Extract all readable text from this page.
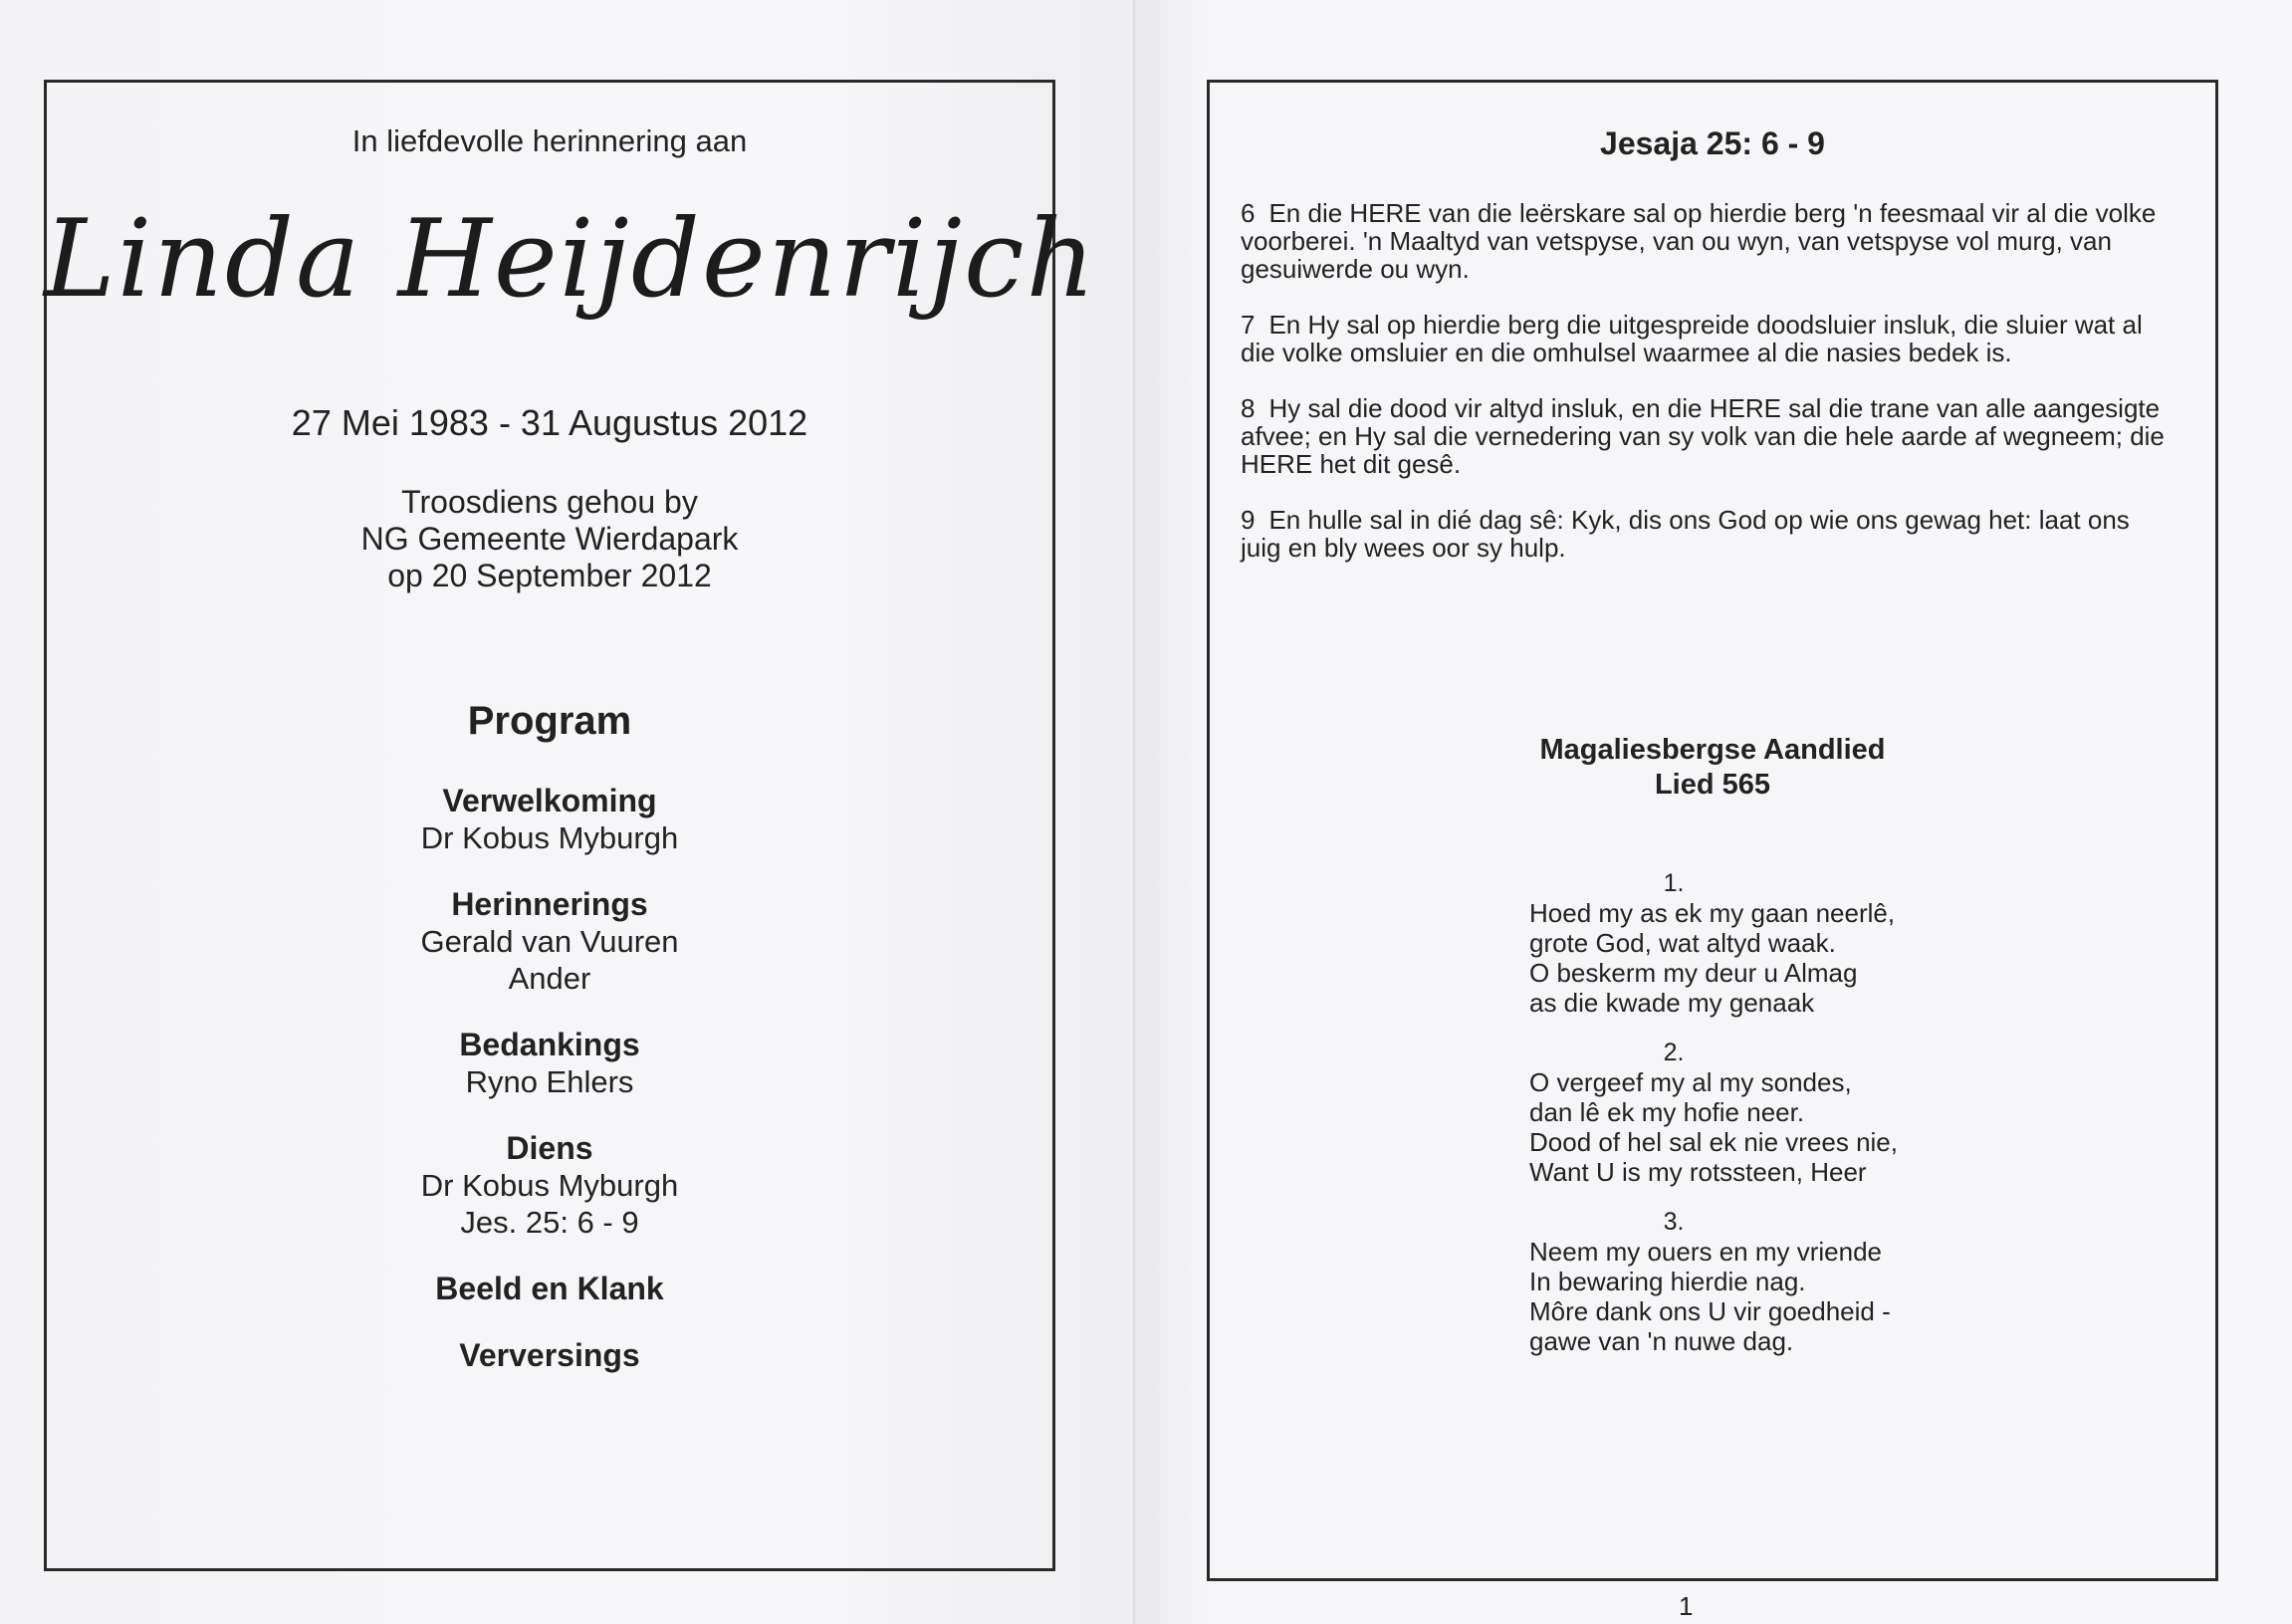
In liefdevolle herinnering aan
Linda Heijdenrijch
27 Mei 1983 - 31 Augustus 2012
Troosdiens gehou by
NG Gemeente Wierdapark
op 20 September 2012
Program
Verwelkoming
Dr Kobus Myburgh
Herinnerings
Gerald van Vuuren
Ander
Bedankings
Ryno Ehlers
Diens
Dr Kobus Myburgh
Jes. 25: 6 - 9
Beeld en Klank
Verversings
Jesaja 25: 6 - 9
6 En die HERE van die leërskare sal op hierdie berg 'n feesmaal vir al die volke voorberei. 'n Maaltyd van vetspyse, van ou wyn, van vetspyse vol murg, van gesuiwerde ou wyn.
7 En Hy sal op hierdie berg die uitgespreide doodsluier insluk, die sluier wat al die volke omsluier en die omhulsel waarmee al die nasies bedek is.
8 Hy sal die dood vir altyd insluk, en die HERE sal die trane van alle aangesigte afvee; en Hy sal die vernedering van sy volk van die hele aarde af wegneem; die HERE het dit gesê.
9 En hulle sal in dié dag sê: Kyk, dis ons God op wie ons gewag het: laat ons juig en bly wees oor sy hulp.
Magaliesbergse Aandlied
Lied 565
1.
Hoed my as ek my gaan neerlê,
grote God, wat altyd waak.
O beskerm my deur u Almag
as die kwade my genaak
2.
O vergeef my al my sondes,
dan lê ek my hofie neer.
Dood of hel sal ek nie vrees nie,
Want U is my rotssteen, Heer
3.
Neem my ouers en my vriende
In bewaring hierdie nag.
Môre dank ons U vir goedheid -
gawe van 'n nuwe dag.
1
